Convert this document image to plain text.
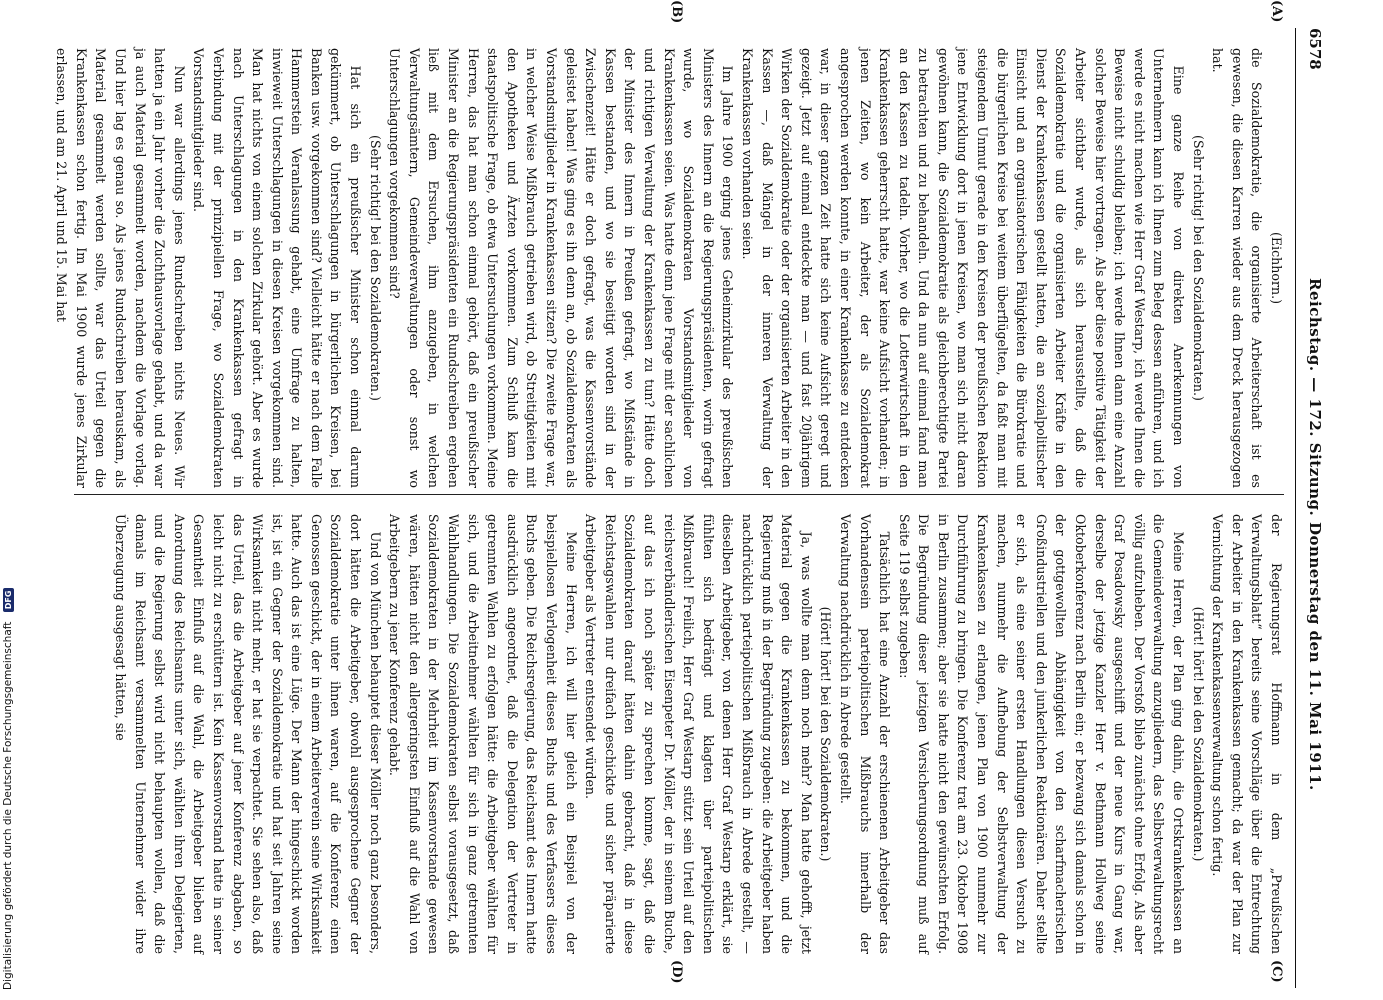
6578
Reichstag. — 172. Sitzung. Donnerstag den 11. Mai 1911.
(A)
(B)
(C)
(D)

(Eichhorn.)

die Sozialdemokratie, die organisierte Arbeiterschaft ist es gewesen, die diesen Karren wieder aus dem Dreck herausgezogen hat.

(Sehr richtig! bei den Sozialdemokraten.)

Eine ganze Reihe von direkten Anerkennungen von Unternehmern kann ich Ihnen zum Beleg dessen anführen, und ich werde es nicht machen wie Herr Graf Westarp, ich werde Ihnen die Beweise nicht schuldig bleiben; ich werde Ihnen dann eine Anzahl solcher Beweise hier vortragen. Als aber diese positive Tätigkeit der Arbeiter sichtbar wurde, als sich herausstellte, daß die Sozialdemokratie und die organisierten Arbeiter Kräfte in den Dienst der Krankenkassen gestellt hatten, die an sozialpolitischer Einsicht und an organisatorischen Fähigkeiten die Bürokratie und die bürgerlichen Kreise bei weitem überflügelten, da faßt man mit steigendem Unmut gerade in den Kreisen der preußischen Reaktion jene Entwicklung dort in jenen Kreisen, wo man sich nicht daran gewöhnen kann, die Sozialdemokratie als gleichberechtigte Partei zu betrachten und zu behandeln. Und da nun auf einmal fand man an den Kassen zu tadeln. Vorher, wo die Lotterwirtschaft in den Krankenkassen geherrscht hatte, war keine Aufsicht vorhanden; in jenen Zeiten, wo kein Arbeiter, der als Sozialdemokrat angesprochen werden konnte, in einer Krankenkasse zu entdecken war, in dieser ganzen Zeit hatte sich keine Aufsicht geregt und gezeigt. Jetzt auf einmal entdeckte man — und fast 20jährigem Wirken der Sozialdemokratie oder der organisierten Arbeiter in den Kassen —, daß Mängel in der inneren Verwaltung der Krankenkassen vorhanden seien.

Im Jahre 1900 erging jenes Geheimzirkular des preußischen Ministers des Innern an die Regierungspräsidenten, worin gefragt wurde, wo Sozialdemokraten Vorstandsmitglieder von Krankenkassen seien. Was hatte denn jene Frage mit der sachlichen und richtigen Verwaltung der Krankenkassen zu tun? Hätte doch der Minister des Innern in Preußen gefragt, wo Mißstände in Kassen bestanden, und wo sie beseitigt worden sind in der Zwischenzeit! Hätte er doch gefragt, was die Kassenvorstände geleistet haben! Was ging es ihn denn an, ob Sozialdemokraten als Vorstandsmitglieder in Krankenkassen sitzen? Die zweite Frage war, in welcher Weise Mißbrauch getrieben wird, ob Streitigkeiten mit den Apotheken und Ärzten vorkommen. Zum Schluß kam die staatspolitische Frage, ob etwa Untersuchungen vorkommen. Meine Herren, das hat man schon einmal gehört, daß ein preußischer Minister an die Regierungspräsidenten ein Rundschreiben ergehen ließ mit dem Ersuchen, ihm anzugeben, in welchen Verwaltungsämtern, Gemeindeverwaltungen oder sonst wo Unterschlagungen vorgekommen sind?

(Sehr richtig! bei den Sozialdemokraten.)

Hat sich ein preußischer Minister schon einmal darum gekümmert, ob Unterschlagungen in bürgerlichen Kreisen, bei Banken usw. vorgekommen sind? Vielleicht hätte er nach dem Falle Hammerstein Veranlassung gehabt, eine Umfrage zu halten, inwieweit Unterschlagungen in diesen Kreisen vorgekommen sind. Man hat nichts von einem solchen Zirkular gehört. Aber es wurde nach Unterschlagungen in den Krankenkassen gefragt in Verbindung mit der prinzipiellen Frage, wo Sozialdemokraten Vorstandsmitglieder sind.

Nun war allerdings jenes Rundschreiben nichts Neues. Wir hatten ja ein Jahr vorher die Zuchthausvorlage gehabt, und da war ja auch Material gesammelt worden, nachdem die Vorlage vorlag. Und hier lag es genau so. Als jenes Rundschreiben herauskam, als Material gesammelt werden sollte, war das Urteil gegen die Krankenkassen schon fertig. Im Mai 1900 wurde jenes Zirkular erlassen, und am 21. April und 15. Mai hat

der Regierungsrat Hoffmann in dem „Preußischen Verwaltungsblatt“ bereits seine Vorschläge über die Entrechtung der Arbeiter in den Krankenkassen gemacht; da war der Plan zur Vernichtung der Krankenkassenverwaltung schon fertig.

(Hört! hört! bei den Sozialdemokraten.)

Meine Herren, der Plan ging dahin, die Ortskrankenkassen an die Gemeindeverwaltung anzugliedern, das Selbstverwaltungsrecht völlig aufzuheben. Der Vorstoß blieb zunächst ohne Erfolg. Als aber Graf Posadowsky ausgeschifft und der neue Kurs in Gang war, derselbe der jetzige Kanzler Herr v. Bethmann Hollweg seine Oktoberkonferenz nach Berlin ein; er bezwang sich damals schon in der gottgewollten Abhängigkeit von den scharfmacherischen Großindustriellen und den junkerlichen Reaktionären. Daher stellte er sich, als eine seiner ersten Handlungen diesen Versuch zu machen, nunmehr die Aufhebung der Selbstverwaltung der Krankenkassen zu erlangen, jenen Plan von 1900 nunmehr zur Durchführung zu bringen. Die Konferenz trat am 23. Oktober 1908 in Berlin zusammen; aber sie hatte nicht den gewünschten Erfolg. Die Begründung dieser jetzigen Versicherungsordnung muß auf Seite 119 selbst zugeben:

Tatsächlich hat eine Anzahl der erschienenen Arbeitgeber das Vorhandensein parteipolitischen Mißbrauchs innerhalb der Verwaltung nachdrücklich in Abrede gestellt.

(Hört! hört! bei den Sozialdemokraten.)

Ja, was wollte man denn noch mehr? Man hatte gehofft, jetzt Material gegen die Krankenkassen zu bekommen, und die Regierung muß in der Begründung zugeben: die Arbeitgeber haben nachdrücklich parteipolitischen Mißbrauch in Abrede gestellt, — dieselben Arbeitgeber, von denen Herr Graf Westarp erklärt, sie fühlten sich bedrängt und klagten über parteipolitischen Mißbrauch! Freilich, Herr Graf Westarp stützt sein Urteil auf den reichsverbändlerischen Eisenpeter Dr. Möller, der in seinem Buche, auf das ich noch später zu sprechen komme, sagt, daß die Sozialdemokraten darauf hätten dahin gebracht, daß in diese Reichstagswahlen nur dreifach geschickte und sicher präparierte Arbeitgeber als Vertreter entsendet würden.

Meine Herren, ich will hier gleich ein Beispiel von der beispiellosen Verlogenheit dieses Buchs und des Verfassers dieses Buchs geben. Die Reichsregierung, das Reichsamt des Innern hatte ausdrücklich angeordnet, daß die Delegation der Vertreter in getrennten Wahlen zu erfolgen hätte: die Arbeitgeber wählten für sich, und die Arbeitnehmer wählten für sich in ganz getrennten Wahlhandlungen. Die Sozialdemokraten selbst vorausgesetzt, daß Sozialdemokraten in der Mehrheit im Kassenvorstande gewesen wären, hätten nicht den allergeringsten Einfluß auf die Wahl von Arbeitgebern zu jener Konferenz gehabt.

Und von München behauptet dieser Möller noch ganz besonders, dort hätten die Arbeitgeber, obwohl ausgesprochene Gegner der Sozialdemokratie unter ihnen waren, auf die Konferenz einen Genossen geschickt, der in einem Arbeiterverein seine Wirksamkeit hatte. Auch das ist eine Lüge. Der Mann der hingeschickt worden ist, ist ein Gegner der Sozialdemokratie und hat seit Jahren seine Wirksamkeit nicht mehr, er hat sie verpachtet. Sie sehen also, daß das Urteil, das die Arbeitgeber auf jener Konferenz abgaben, so leicht nicht zu erschüttern ist. Kein Kassenvorstand hatte in seiner Gesamtheit Einfluß auf die Wahl, die Arbeitgeber blieben auf Anordnung des Reichsamts unter sich, wählten ihren Delegierten, und die Regierung selbst wird nicht behaupten wollen, daß die damals im Reichsamt versammelten Unternehmer wider ihre Überzeugung ausgesagt hätten, sie

Digitalisierung gefördert durch die Deutsche Forschungsgemeinschaft DFG
